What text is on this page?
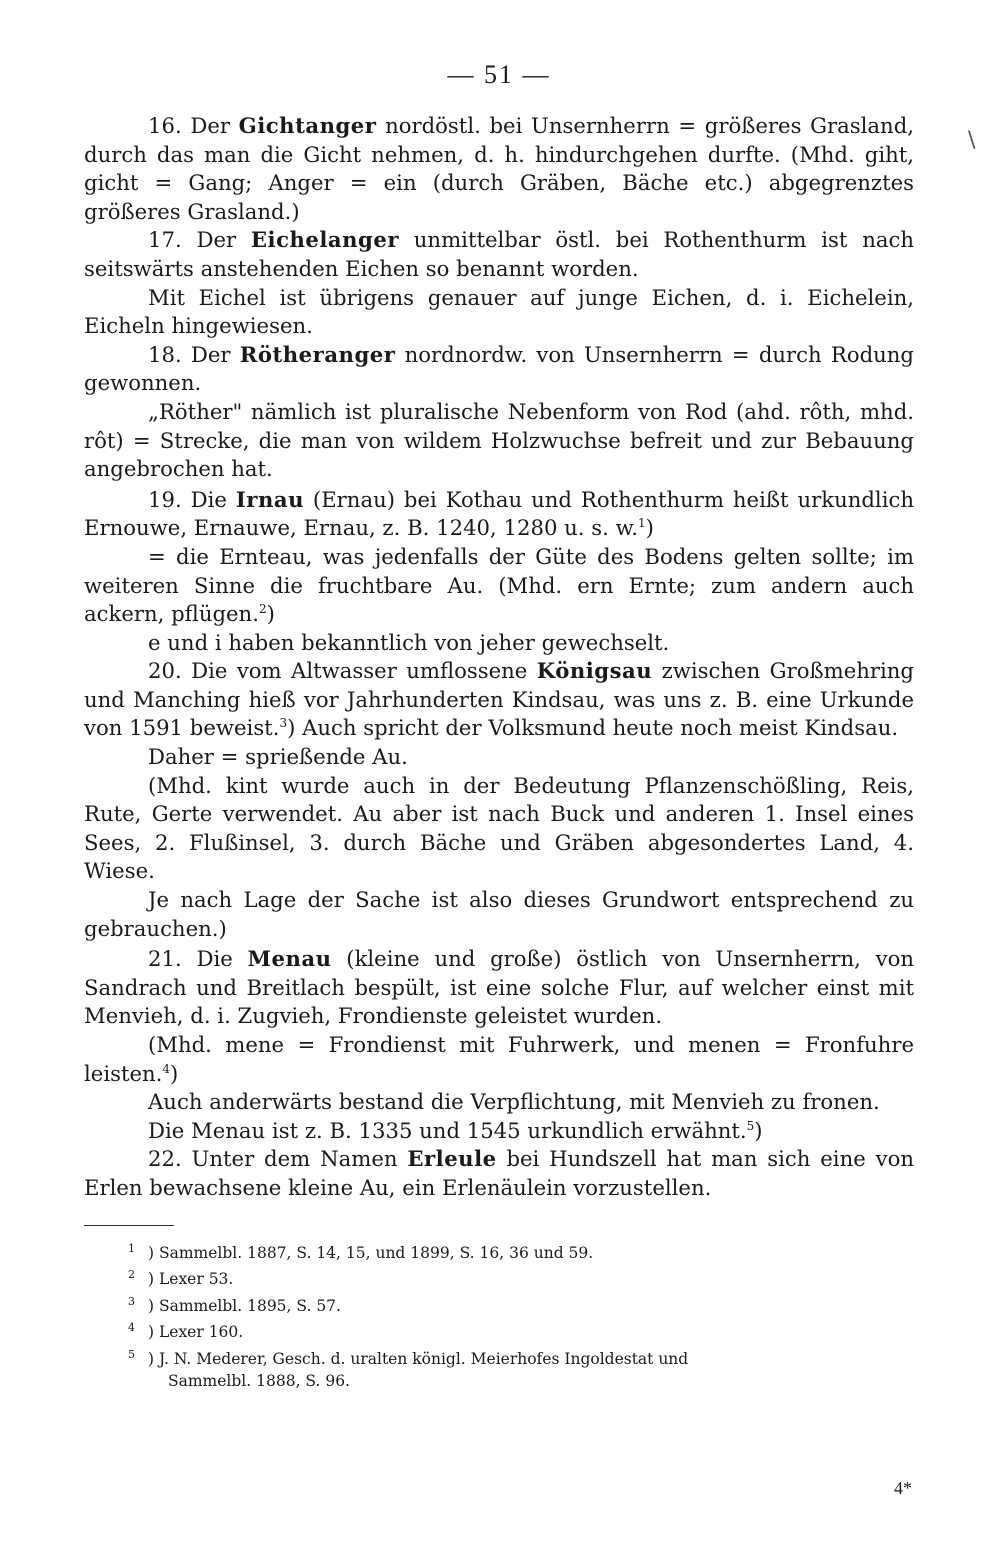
— 51 —

16. Der Gichtanger nordöstl. bei Unsernherrn = größeres Grasland, durch das man die Gicht nehmen, d. h. hindurchgehen durfte. (Mhd. giht, gicht = Gang; Anger = ein (durch Gräben, Bäche etc.) abgegrenztes größeres Grasland.)

17. Der Eichelanger unmittelbar östl. bei Rothenthurm ist nach seitswärts anstehenden Eichen so benannt worden.

Mit Eichel ist übrigens genauer auf junge Eichen, d. i. Eichelein, Eicheln hingewiesen.

18. Der Rötheranger nordnordw. von Unsernherrn = durch Rodung gewonnen.

„Röther" nämlich ist pluralische Nebenform von Rod (ahd. rôth, mhd. rôt) = Strecke, die man von wildem Holzwuchse befreit und zur Bebauung angebrochen hat.

19. Die Irnau (Ernau) bei Kothau und Rothenthurm heißt urkundlich Ernouwe, Ernauwe, Ernau, z. B. 1240, 1280 u. s. w.$^1$)

= die Ernteau, was jedenfalls der Güte des Bodens gelten sollte; im weiteren Sinne die fruchtbare Au. (Mhd. ern Ernte; zum andern auch ackern, pflügen.$^2$)

e und i haben bekanntlich von jeher gewechselt.

20. Die vom Altwasser umflossene Königsau zwischen Großmehring und Manching hieß vor Jahrhunderten Kindsau, was uns z. B. eine Urkunde von 1591 beweist.$^3$) Auch spricht der Volksmund heute noch meist Kindsau.

Daher = sprießende Au.

(Mhd. kint wurde auch in der Bedeutung Pflanzenschößling, Reis, Rute, Gerte verwendet. Au aber ist nach Buck und anderen 1. Insel eines Sees, 2. Flußinsel, 3. durch Bäche und Gräben abgesondertes Land, 4. Wiese.

Je nach Lage der Sache ist also dieses Grundwort entsprechend zu gebrauchen.)

21. Die Menau (kleine und große) östlich von Unsernherrn, von Sandrach und Breitlach bespült, ist eine solche Flur, auf welcher einst mit Menvieh, d. i. Zugvieh, Frondienste geleistet wurden.

(Mhd. mene = Frondienst mit Fuhrwerk, und menen = Fronfuhre leisten.$^4$)

Auch anderwärts bestand die Verpflichtung, mit Menvieh zu fronen.

Die Menau ist z. B. 1335 und 1545 urkundlich erwähnt.$^5$)

22. Unter dem Namen Erleule bei Hundszell hat man sich eine von Erlen bewachsene kleine Au, ein Erlenäulein vorzustellen.

1 ) Sammelbl. 1887, S. 14, 15, und 1899, S. 16, 36 und 59.

2 ) Lexer 53.

3 ) Sammelbl. 1895, S. 57.

4 ) Lexer 160.

5 ) J. N. Mederer, Gesch. d. uralten königl. Meierhofes Ingoldestat und

Sammelbl. 1888, S. 96.

\
4*
